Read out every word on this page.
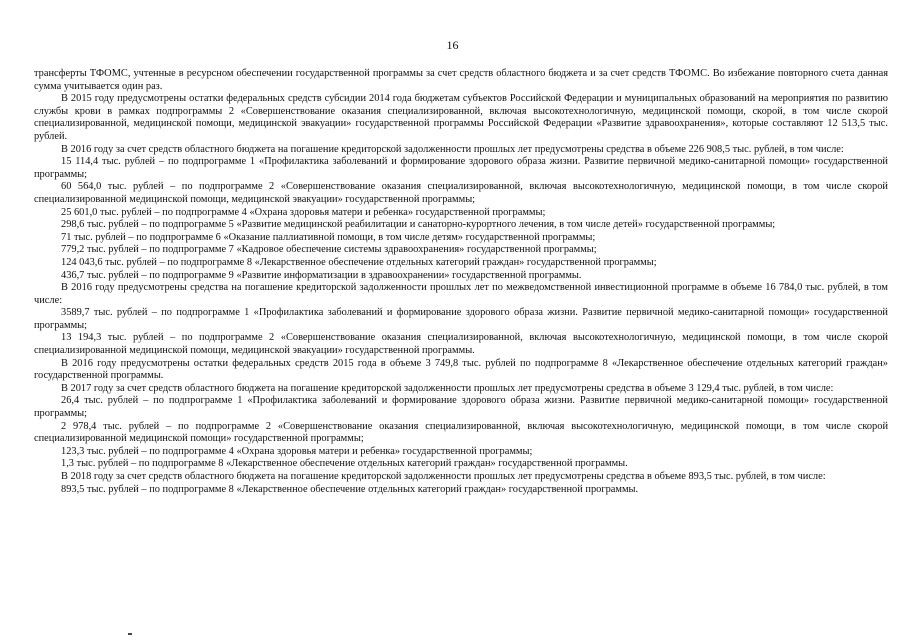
16

трансферты ТФОМС, учтенные в ресурсном обеспечении государственной программы за счет средств областного бюджета и за счет средств ТФОМС. Во избежание повторного счета данная сумма учитывается один раз.

В 2015 году предусмотрены остатки федеральных средств субсидии 2014 года бюджетам субъектов Российской Федерации и муниципальных образований на мероприятия по развитию службы крови в рамках подпрограммы 2 «Совершенствование оказания специализированной, включая высокотехнологичную, медицинской помощи, скорой, в том числе скорой специализированной, медицинской помощи, медицинской эвакуации» государственной программы Российской Федерации «Развитие здравоохранения», которые составляют 12 513,5 тыс. рублей.

В 2016 году за счет средств областного бюджета на погашение кредиторской задолженности прошлых лет предусмотрены средства в объеме 226 908,5 тыс. рублей, в том числе:

15 114,4 тыс. рублей – по подпрограмме 1 «Профилактика заболеваний и формирование здорового образа жизни. Развитие первичной медико-санитарной помощи» государственной программы;

60 564,0 тыс. рублей – по подпрограмме 2 «Совершенствование оказания специализированной, включая высокотехнологичную, медицинской помощи, в том числе скорой специализированной медицинской помощи, медицинской эвакуации» государственной программы;

25 601,0 тыс. рублей – по подпрограмме 4 «Охрана здоровья матери и ребенка» государственной программы;

298,6 тыс. рублей – по подпрограмме 5 «Развитие медицинской реабилитации и санаторно-курортного лечения, в том числе детей» государственной программы;

71 тыс. рублей – по подпрограмме 6 «Оказание паллиативной помощи, в том числе детям» государственной программы;

779,2 тыс. рублей – по подпрограмме 7 «Кадровое обеспечение системы здравоохранения» государственной программы;

124 043,6 тыс. рублей – по подпрограмме 8 «Лекарственное обеспечение отдельных категорий граждан» государственной программы;

436,7 тыс. рублей – по подпрограмме 9 «Развитие информатизации в здравоохранении» государственной программы.

В 2016 году предусмотрены средства на погашение кредиторской задолженности прошлых лет по межведомственной инвестиционной программе в объеме 16 784,0 тыс. рублей, в том числе:

3589,7 тыс. рублей – по подпрограмме 1 «Профилактика заболеваний и формирование здорового образа жизни. Развитие первичной медико-санитарной помощи» государственной программы;

13 194,3 тыс. рублей – по подпрограмме 2 «Совершенствование оказания специализированной, включая высокотехнологичную, медицинской помощи, в том числе скорой специализированной медицинской помощи, медицинской эвакуации» государственной программы.

В 2016 году предусмотрены остатки федеральных средств 2015 года в объеме 3 749,8 тыс. рублей по подпрограмме 8 «Лекарственное обеспечение отдельных категорий граждан» государственной программы.

В 2017 году за счет средств областного бюджета на погашение кредиторской задолженности прошлых лет предусмотрены средства в объеме 3 129,4 тыс. рублей, в том числе:

26,4 тыс. рублей – по подпрограмме 1 «Профилактика заболеваний и формирование здорового образа жизни. Развитие первичной медико-санитарной помощи» государственной программы;

2 978,4 тыс. рублей – по подпрограмме 2 «Совершенствование оказания специализированной, включая высокотехнологичную, медицинской помощи, в том числе скорой специализированной медицинской помощи» государственной программы;

123,3 тыс. рублей – по подпрограмме 4 «Охрана здоровья матери и ребенка» государственной программы;

1,3 тыс. рублей – по подпрограмме 8 «Лекарственное обеспечение отдельных категорий граждан» государственной программы.

В 2018 году за счет средств областного бюджета на погашение кредиторской задолженности прошлых лет предусмотрены средства в объеме 893,5 тыс. рублей, в том числе:

893,5 тыс. рублей – по подпрограмме 8 «Лекарственное обеспечение отдельных категорий граждан» государственной программы.
